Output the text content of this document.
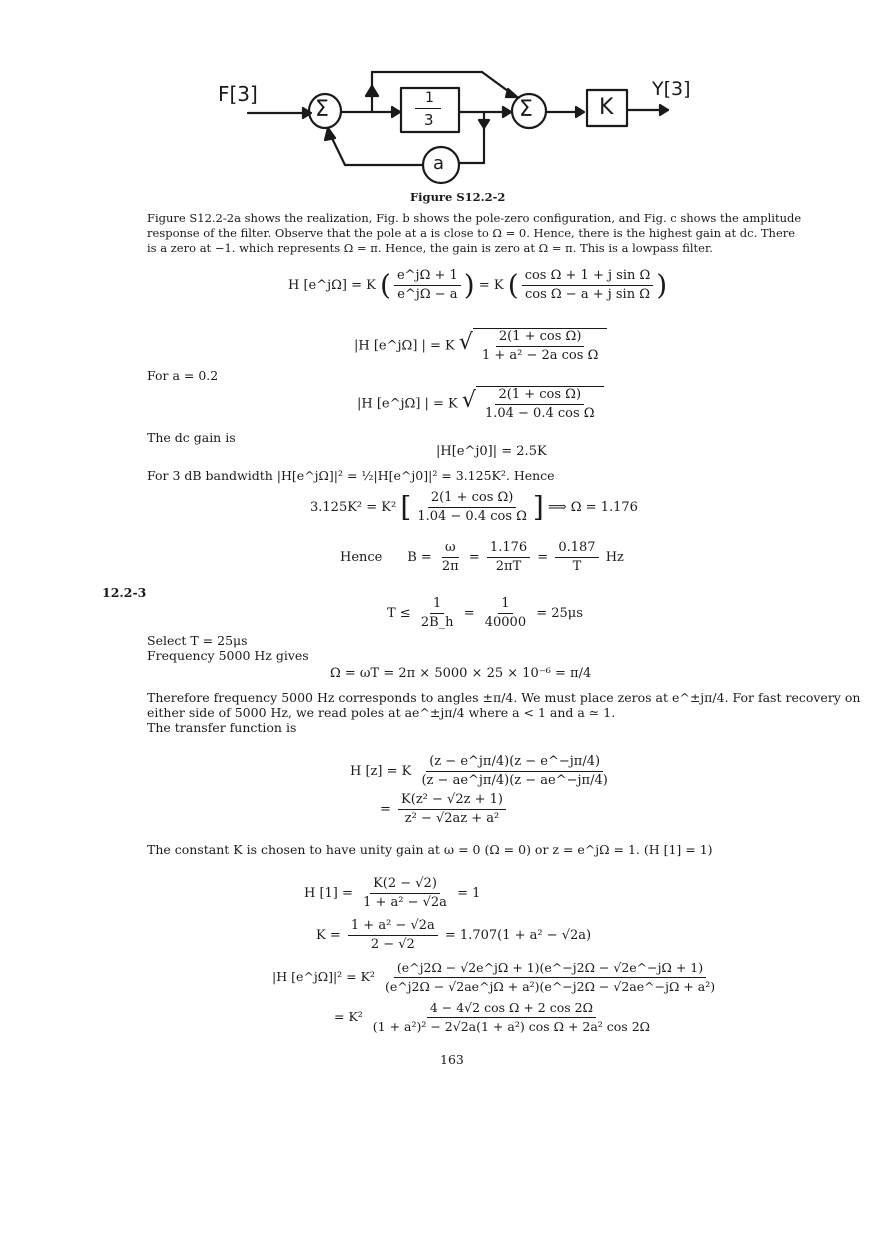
F[3]	Y[3]
Σ	Σ
1
3
a
K
Figure S12.2-2
Figure S12.2-2a shows the realization, Fig. b shows the pole-zero configuration, and Fig. c shows the amplitude
response of the filter. Observe that the pole at a is close to Ω = 0. Hence, there is the highest gain at dc. There
is a zero at −1. which represents Ω = π. Hence, the gain is zero at Ω = π. This is a lowpass filter.
H [e^jΩ] = K ( $\frac{e\^{}j\Omega + 1}{e\^{}j\Omega - a}$ ) = K ( $\frac{\text{cos Ω + 1 + j sin Ω}}{\text{cos Ω − a + j sin Ω}}$ )
|H [e^jΩ] | = K √ $\frac{\text{2(1 + cos Ω)}}{\text{1 + a² − 2a cos Ω}}$
For a = 0.2
|H [e^jΩ] | = K √ $\frac{\text{2(1 + cos Ω)}}{\text{1.04 − 0.4 cos Ω}}$
The dc gain is
|H[e^j0]| = 2.5K
For 3 dB bandwidth |H[e^jΩ]|² = ½|H[e^j0]|² = 3.125K². Hence
3.125K² = K² [ $\frac{\text{2(1 + cos Ω)}}{\text{1.04 − 0.4 cos Ω}}$ ] ⟹ Ω = 1.176
Hence $B = \frac{\omega}{2\pi} = \frac{1.176}{2\pi T} = \frac{0.187}{T}$ Hz
12.2-3
$T \le \frac{1}{2B\_h} = \frac{1}{40000} = 25\mu s$
Select T = 25μs
Frequency 5000 Hz gives
Ω = ωT = 2π × 5000 × 25 × 10⁻⁶ = π/4
Therefore frequency 5000 Hz corresponds to angles ±π/4. We must place zeros at e^±jπ/4. For fast recovery on
either side of 5000 Hz, we read poles at ae^±jπ/4 where a < 1 and a ≃ 1.
The transfer function is
H [z] = K $\frac{(z - e\^{}j\pi/4)(z - e\^{}-j\pi/4)}{(z - ae\^{}j\pi/4)(z - ae\^{}-j\pi/4)}$
= $\frac{\text{K(z² − √2z + 1)}}{\text{z² − √2az + a²}}$
The constant K is chosen to have unity gain at ω = 0 (Ω = 0) or z = e^jΩ = 1. (H [1] = 1)
H $[1] = \frac{K(2 - √2)}{\text{1 + a² − √2a}} = 1$
$K = \frac{\text{1 + a² − √2a}}{2 - √2} = 1.707(1 + a^2 - √2a)$
|H [e^jΩ]|² = $K^2 \frac{(e\^{}j2\Omega - √2e\^{}j\Omega + 1)(e\^{}-j2\Omega - √2e\^{}-j\Omega + 1)}{\text{(e\textasciicircum{}j2Ω − √2ae\textasciicircum{}jΩ + a²)(e\textasciicircum{}−j2Ω − √2ae\textasciicircum{}−jΩ + a²)}}$
= $K^2 \frac{\text{4 − 4√2 cos Ω + 2 cos 2Ω}}{\text{(1 + a²)² − 2√2a(1 + a²) cos Ω + 2a² cos 2Ω}}$
163
